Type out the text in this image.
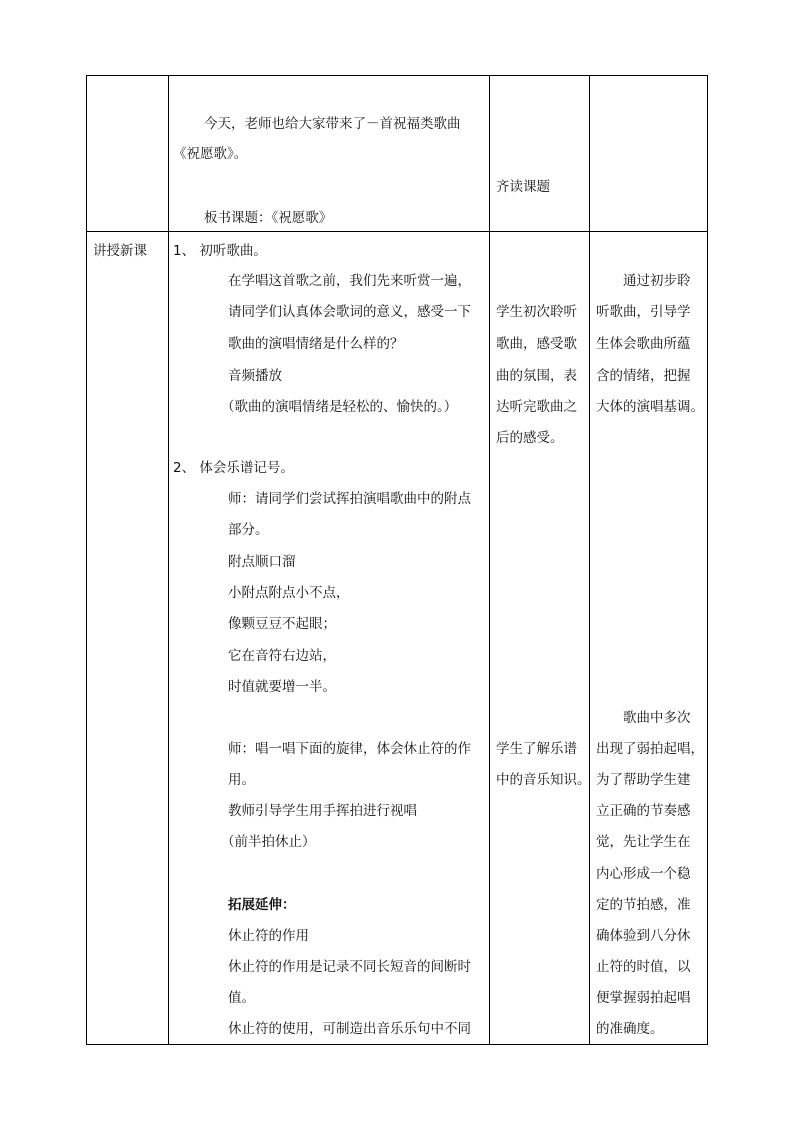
今天，老师也给大家带来了－首祝福类歌曲
《祝愿歌》。
板书课题：《祝愿歌》
齐读课题
讲授新课 1、 初听歌曲。
在学唱这首歌之前，我们先来听赏一遍，
请同学们认真体会歌词的意义，感受一下
歌曲的演唱情绪是什么样的？
音频播放
（歌曲的演唱情绪是轻松的、愉快的。）
2、 体会乐谱记号。
师：请同学们尝试挥拍演唱歌曲中的附点
部分。
附点顺口溜
小附点附点小不点，
像颗豆豆不起眼；
它在音符右边站，
时值就要增一半。
师：唱一唱下面的旋律，体会休止符的作
用。
教师引导学生用手挥拍进行视唱
（前半拍休止）
拓展延伸：
休止符的作用
休止符的作用是记录不同长短音的间断时
值。
休止符的使用，可制造出音乐乐句中不同
学生初次聆听
歌曲，感受歌
曲的氛围，表
达听完歌曲之
后的感受。
学生了解乐谱
中的音乐知识。
通过初步聆
听歌曲，引导学
生体会歌曲所蕴
含的情绪，把握
大体的演唱基调。
歌曲中多次
出现了弱拍起唱，
为了帮助学生建
立正确的节奏感
觉，先让学生在
内心形成一个稳
定的节拍感，准
确体验到八分休
止符的时值，以
便掌握弱拍起唱
的准确度。
